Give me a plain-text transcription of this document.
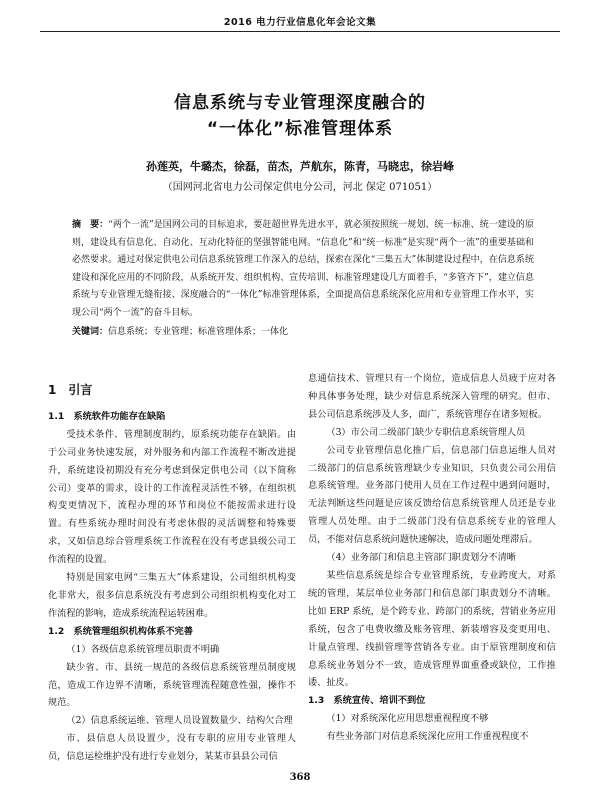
2016 电力行业信息化年会论文集
信息系统与专业管理深度融合的
“一体化”标准管理体系
孙莲英，牛璐杰，徐磊，苗杰，芦航东，陈青，马晓忠，徐岩峰
（国网河北省电力公司保定供电分公司，河北 保定 071051）

摘　要：“两个一流”是国网公司的目标追求，要赶超世界先进水平，就必须按照统一规划、统一标准、统一建设的原则，建设具有信息化、自动化、互动化特征的坚强智能电网。“信息化”和“统一标准”是实现“两个一流”的重要基础和必然要求。通过对保定供电公司信息系统管理工作深入的总结，探索在深化“三集五大”体制建设过程中，在信息系统建设和深化应用的不同阶段，从系统开发、组织机构、宣传培训、标准管理建设几方面着手，“多管齐下”，建立信息系统与专业管理无缝衔接、深度融合的“一体化”标准管理体系，全面提高信息系统深化应用和专业管理工作水平，实现公司“两个一流”的奋斗目标。

关键词：信息系统；专业管理；标准管理体系；一体化

1　引言

1.1　系统软件功能存在缺陷

受技术条件、管理制度制约，原系统功能存在缺陷。由于公司业务快速发展，对外服务和内部工作流程不断改进提升，系统建设初期没有充分考虑到保定供电公司（以下简称公司）变革的需求，设计的工作流程灵活性不够，在组织机构变更情况下，流程办理的环节和岗位不能按需求进行设置。有些系统办理时间没有考虑休假的灵活调整和特殊要求，又如信息综合管理系统工作流程在没有考虑县级公司工作流程的设置。

特别是国家电网“三集五大”体系建设，公司组织机构变化非常大，很多信息系统没有考虑到公司组织机构变化对工作流程的影响，造成系统流程运转困难。

1.2　系统管理组织机构体系不完善

（1）各级信息系统管理员职责不明确

缺少省、市、县统一规范的各级信息系统管理员制度规范，造成工作边界不清晰，系统管理流程随意性强，操作不规范。

（2）信息系统运维、管理人员设置数量少、结构欠合理

市、县信息人员设置少，没有专职的应用专业管理人员，信息运检维护没有进行专业划分，某某市县县公司信

息通信技术、管理只有一个岗位，造成信息人员疲于应对各种具体事务处理，缺少对信息系统深入管理的研究。但市、县公司信息系统涉及人多，面广，系统管理存在诸多短板。

（3）市公司二级部门缺少专职信息系统管理人员

公司专业管理信息化推广后，信息部门信息运维人员对二级部门的信息系统管理缺少专业知识，只负责公司公用信息系统管理。业务部门使用人员在工作过程中遇到问题时，无法判断这些问题是应该反馈给信息系统管理人员还是专业管理人员处理。由于二级部门没有信息系统专业的管理人员，不能对信息系统问题快速解决，造成问题处理滞后。

（4）业务部门和信息主管部门职责划分不清晰

某些信息系统是综合专业管理系统，专业跨度大，对系统的管理，某层单位业务部门和信息部门职责划分不清晰。比如 ERP 系统，是个跨专业、跨部门的系统，营销业务应用系统，包含了电费收缴及账务管理、新装增容及变更用电、计量点管理、线损管理等营销各专业。由于原管理制度和信息系统业务划分不一致，造成管理界面重叠或缺位，工作推诿、扯皮。

1.3　系统宣传、培训不到位

（1）对系统深化应用思想重视程度不够

有些业务部门对信息系统深化应用工作重视程度不

368
